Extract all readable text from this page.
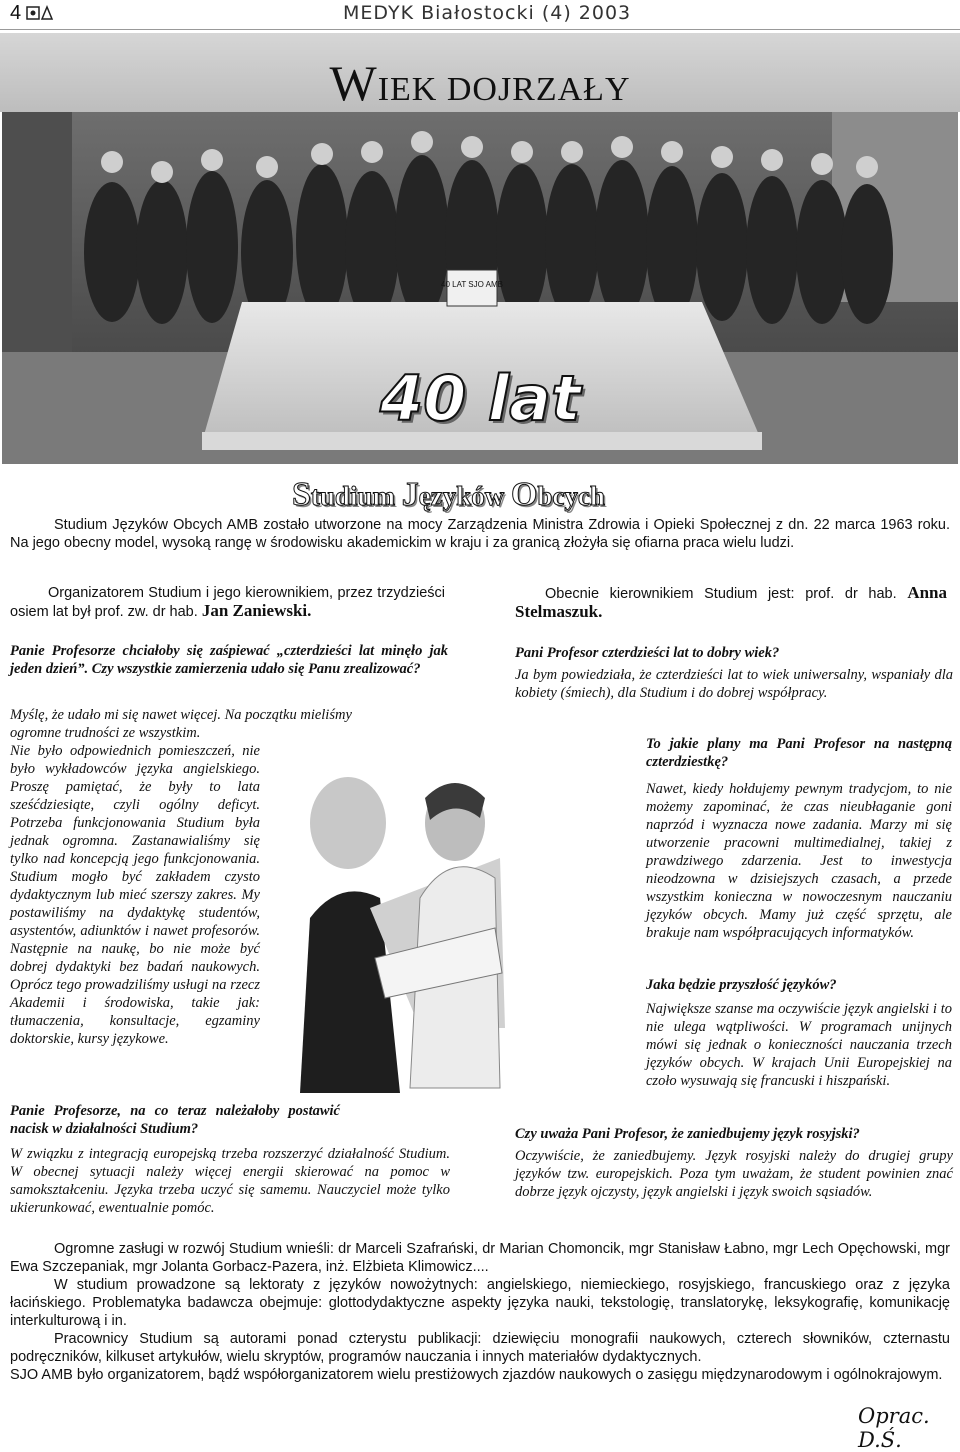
4	MEDYK Białostocki (4) 2003
WIEK DOJRZAŁY
40 LAT SJO AMB
40 lat
Studium Języków Obcych
Studium Języków Obcych AMB zostało utworzone na mocy Zarządzenia Ministra Zdrowia i Opieki Społecznej z dn. 22 marca 1963 roku. Na jego obecny model, wysoką rangę w środowisku akademickim w kraju i za granicą złożyła się ofiarna praca wielu ludzi.
Organizatorem Studium i jego kierownikiem, przez trzydzieści osiem lat był prof. zw. dr hab. Jan Zaniewski.
Panie Profesorze chciałoby się zaśpiewać „czterdzieści lat minęło jak jeden dzień”. Czy wszystkie zamierzenia udało się Panu zrealizować?
Myślę, że udało mi się nawet więcej. Na początku mieliśmy
ogromne trudności ze wszystkim.
Nie było odpowiednich pomieszczeń, nie było wykładowców języka angielskiego. Proszę pamiętać, że były to lata sześćdziesiąte, czyli ogólny deficyt. Potrzeba funkcjonowania Studium była jednak ogromna. Zastanawialiśmy się tylko nad koncepcją jego funkcjonowania. Studium mogło być zakładem czysto dydaktycznym lub mieć szerszy zakres. My postawiliśmy na dydaktykę studentów, asystentów, adiunktów i nawet profesorów. Następnie na naukę, bo nie może być dobrej dydaktyki bez badań naukowych. Oprócz tego prowadziliśmy usługi na rzecz Akademii i środowiska, takie jak: tłumaczenia, konsultacje, egzaminy doktorskie, kursy językowe.
Panie Profesorze, na co teraz należałoby postawić nacisk w działalności Studium?
W związku z integracją europejską trzeba rozszerzyć działalność Studium. W obecnej sytuacji należy więcej energii skierować na pomoc w samokształceniu. Języka trzeba uczyć się samemu. Nauczyciel może tylko ukierunkować, ewentualnie pomóc.
Obecnie kierownikiem Studium jest: prof. dr hab. Anna Stelmaszuk.
Pani Profesor czterdzieści lat to dobry wiek?
Ja bym powiedziała, że czterdzieści lat to wiek uniwersalny, wspaniały dla kobiety (śmiech), dla Studium i do dobrej współpracy.
To jakie plany ma Pani Profesor na następną czterdziestkę?
Nawet, kiedy hołdujemy pewnym tradycjom, to nie możemy zapominać, że czas nieubłaganie goni naprzód i wyznacza nowe zadania. Marzy mi się utworzenie pracowni multimedialnej, takiej z prawdziwego zdarzenia. Jest to inwestycja nieodzowna w dzisiejszych czasach, a przede wszystkim konieczna w nowoczesnym nauczaniu języków obcych. Mamy już część sprzętu, ale brakuje nam współpracujących informatyków.
Jaka będzie przyszłość języków?
Największe szanse ma oczywiście język angielski i to nie ulega wątpliwości. W programach unijnych mówi się jednak o konieczności nauczania trzech języków obcych. W krajach Unii Europejskiej na czoło wysuwają się francuski i hiszpański.
Czy uważa Pani Profesor, że zaniedbujemy język rosyjski?
Oczywiście, że zaniedbujemy. Język rosyjski należy do drugiej grupy języków tzw. europejskich. Poza tym uważam, że student powinien znać dobrze język ojczysty, język angielski i język swoich sąsiadów.
Ogromne zasługi w rozwój Studium wnieśli: dr Marceli Szafrański, dr Marian Chomoncik, mgr Stanisław Łabno, mgr Lech Opęchowski, mgr Ewa Szczepaniak, mgr Jolanta Gorbacz-Pazera, inż. Elżbieta Klimowicz....
W studium prowadzone są lektoraty z języków nowożytnych: angielskiego, niemieckiego, rosyjskiego, francuskiego oraz z języka łacińskiego. Problematyka badawcza obejmuje: glottodydaktyczne aspekty języka nauki, tekstologię, translatorykę, leksykografię, komunikację interkulturową i in.
Pracownicy Studium są autorami ponad czterystu publikacji: dziewięciu monografii naukowych, czterech słowników, czternastu podręczników, kilkuset artykułów, wielu skryptów, programów nauczania i innych materiałów dydaktycznych.
SJO AMB było organizatorem, bądź współorganizatorem wielu prestiżowych zjazdów naukowych o zasięgu międzynarodowym i ogólnokrajowym.
Oprac. D.Ś.
